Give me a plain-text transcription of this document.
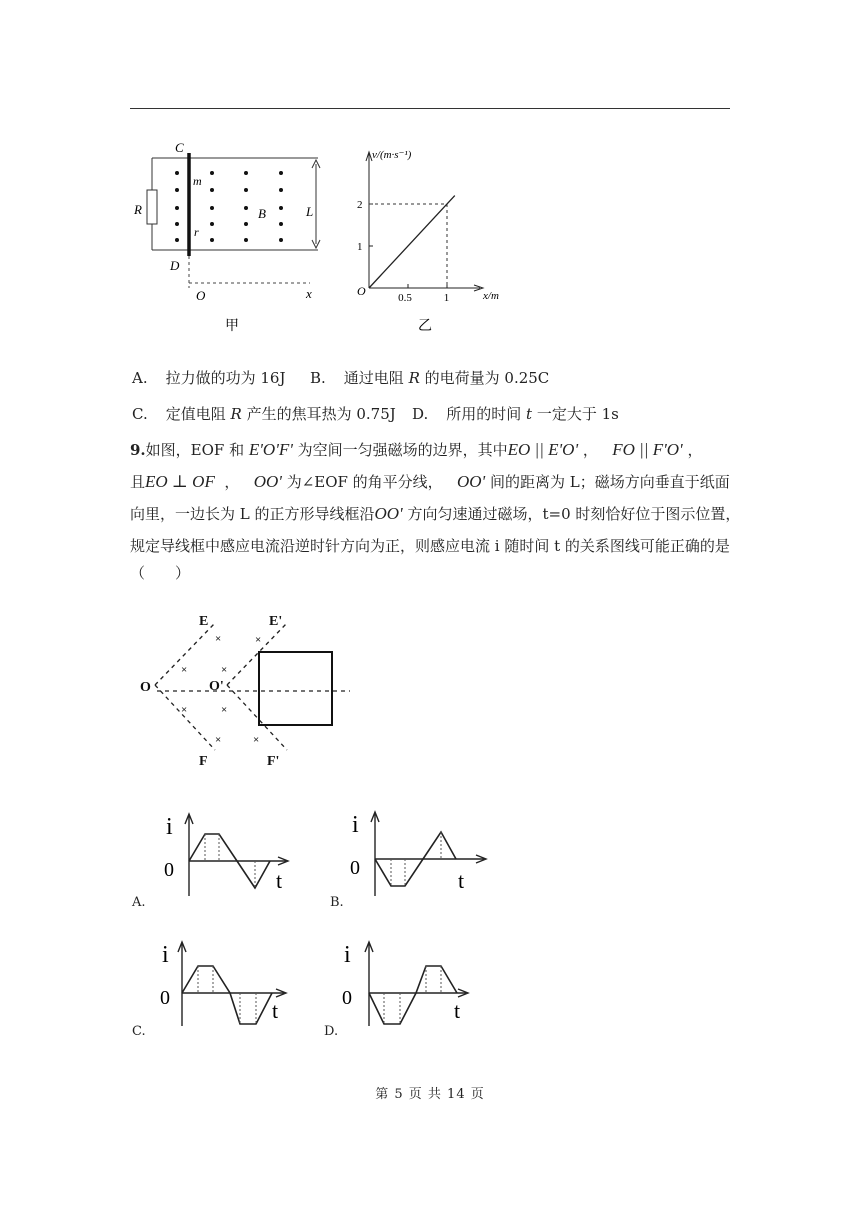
C
D
R
m
r
B	L
O	x
甲
v/(m·s⁻¹)
x/m
O	0.5	1
1
2
乙
A. 拉力做的功为 16J B. 通过电阻 R 的电荷量为 0.25C
C. 定值电阻 R 产生的焦耳热为 0.75J D. 所用的时间 t 一定大于 1s
9.如图，EOF 和 E'O'F' 为空间一匀强磁场的边界，其中EO || E'O' ， FO || F'O' ，
且EO ⊥ OF ， OO' 为∠EOF 的角平分线， OO' 间的距离为 L；磁场方向垂直于纸面
向里，一边长为 L 的正方形导线框沿OO' 方向匀速通过磁场，t=0 时刻恰好位于图示位置，
规定导线框中感应电流沿逆时针方向为正，则感应电流 i 随时间 t 的关系图线可能正确的是
（　　）
×	×
×	×
×	×
×	×
E	E'
O	O'
F	F'
i
0	t
A.
i
0	t
B.
i
0	t
C.
i
0	t
D.
第 5 页 共 14 页
